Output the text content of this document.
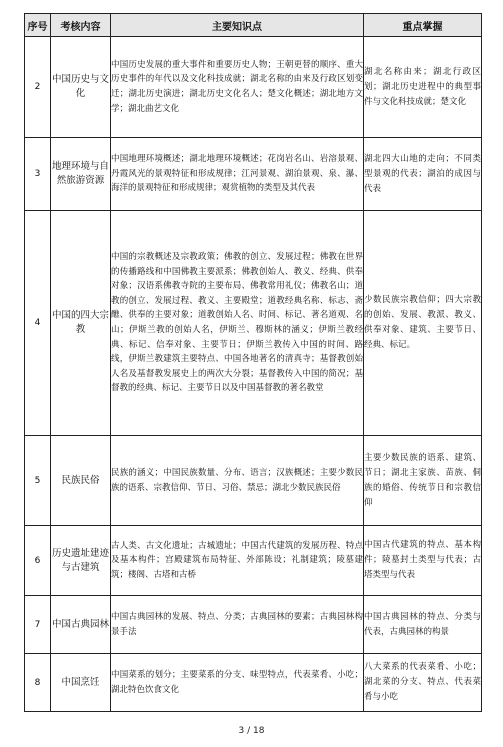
序号	考核内容	主要知识点	重点掌握
2	中国历史与文化	中国历史发展的重大事件和重要历史人物；王朝更替的顺序、重大历史事件的年代以及文化科技成就；湖北名称的由来及行政区划变迁；湖北历史演进；湖北历史文化名人；楚文化概述；湖北地方文学；湖北曲艺文化	湖北名称由来；湖北行政区划；湖北历史进程中的典型事件与文化科技成就；楚文化
3	地理环境与自然旅游资源	中国地理环境概述；湖北地理环境概述；花岗岩名山、岩溶景观、丹霞风光的景观特征和形成规律；江河景观、湖泊景观、泉、瀑、海洋的景观特征和形成规律；观赏植物的类型及其代表	湖北四大山地的走向；不同类型景观的代表；湖泊的成因与代表
4	中国的四大宗教	中国的宗教概述及宗教政策；佛教的创立、发展过程；佛教在世界的传播路线和中国佛教主要派系；佛教创始人、教义、经典、供奉对象；汉语系佛教寺院的主要布局、佛教常用礼仪；佛教名山；道教的创立、发展过程、教义、主要殿堂；道教经典名称、标志、斋醮、供奉的主要对象；道教创始人名、时间、标记、著名道观、名山；伊斯兰教的创始人名，伊斯兰、穆斯林的涵义；伊斯兰教经典、标记、信奉对象、主要节日；伊斯兰教传入中国的时间、路线，伊斯兰教建筑主要特点、中国各地著名的清真寺；基督教创始人名及基督教发展史上的两次大分裂；基督教传入中国的简况；基督教的经典、标记、主要节日以及中国基督教的著名教堂	少数民族宗教信仰；四大宗教的创始、发展、教派、教义、供奉对象、建筑、主要节日、经典、标记。
5	民族民俗	民族的涵义；中国民族数量、分布、语言；汉族概述；主要少数民族的语系、宗教信仰、节日、习俗、禁忌；湖北少数民族民俗	主要少数民族的语系、建筑、节日；湖北主家族、苗族、侗族的婚俗、传统节日和宗教信仰
6	历史遗址建迹与古建筑	古人类、古文化遗址；古城遗址；中国古代建筑的发展历程、特点及基本构件；宫殿建筑布局特征、外部陈设；礼制建筑；陵墓建筑；楼阁、古塔和古桥	中国古代建筑的特点、基本构件；陵墓封土类型与代表；古塔类型与代表
7	中国古典园林	中国古典园林的发展、特点、分类；古典园林的要素；古典园林构景手法	中国古典园林的特点、分类与代表，古典园林的构景
8	中国烹饪	中国菜系的划分；主要菜系的分支、味型特点，代表菜肴、小吃；湖北特色饮食文化	八大菜系的代表菜肴、小吃；湖北菜的分支、特点、代表菜肴与小吃
3 / 18
